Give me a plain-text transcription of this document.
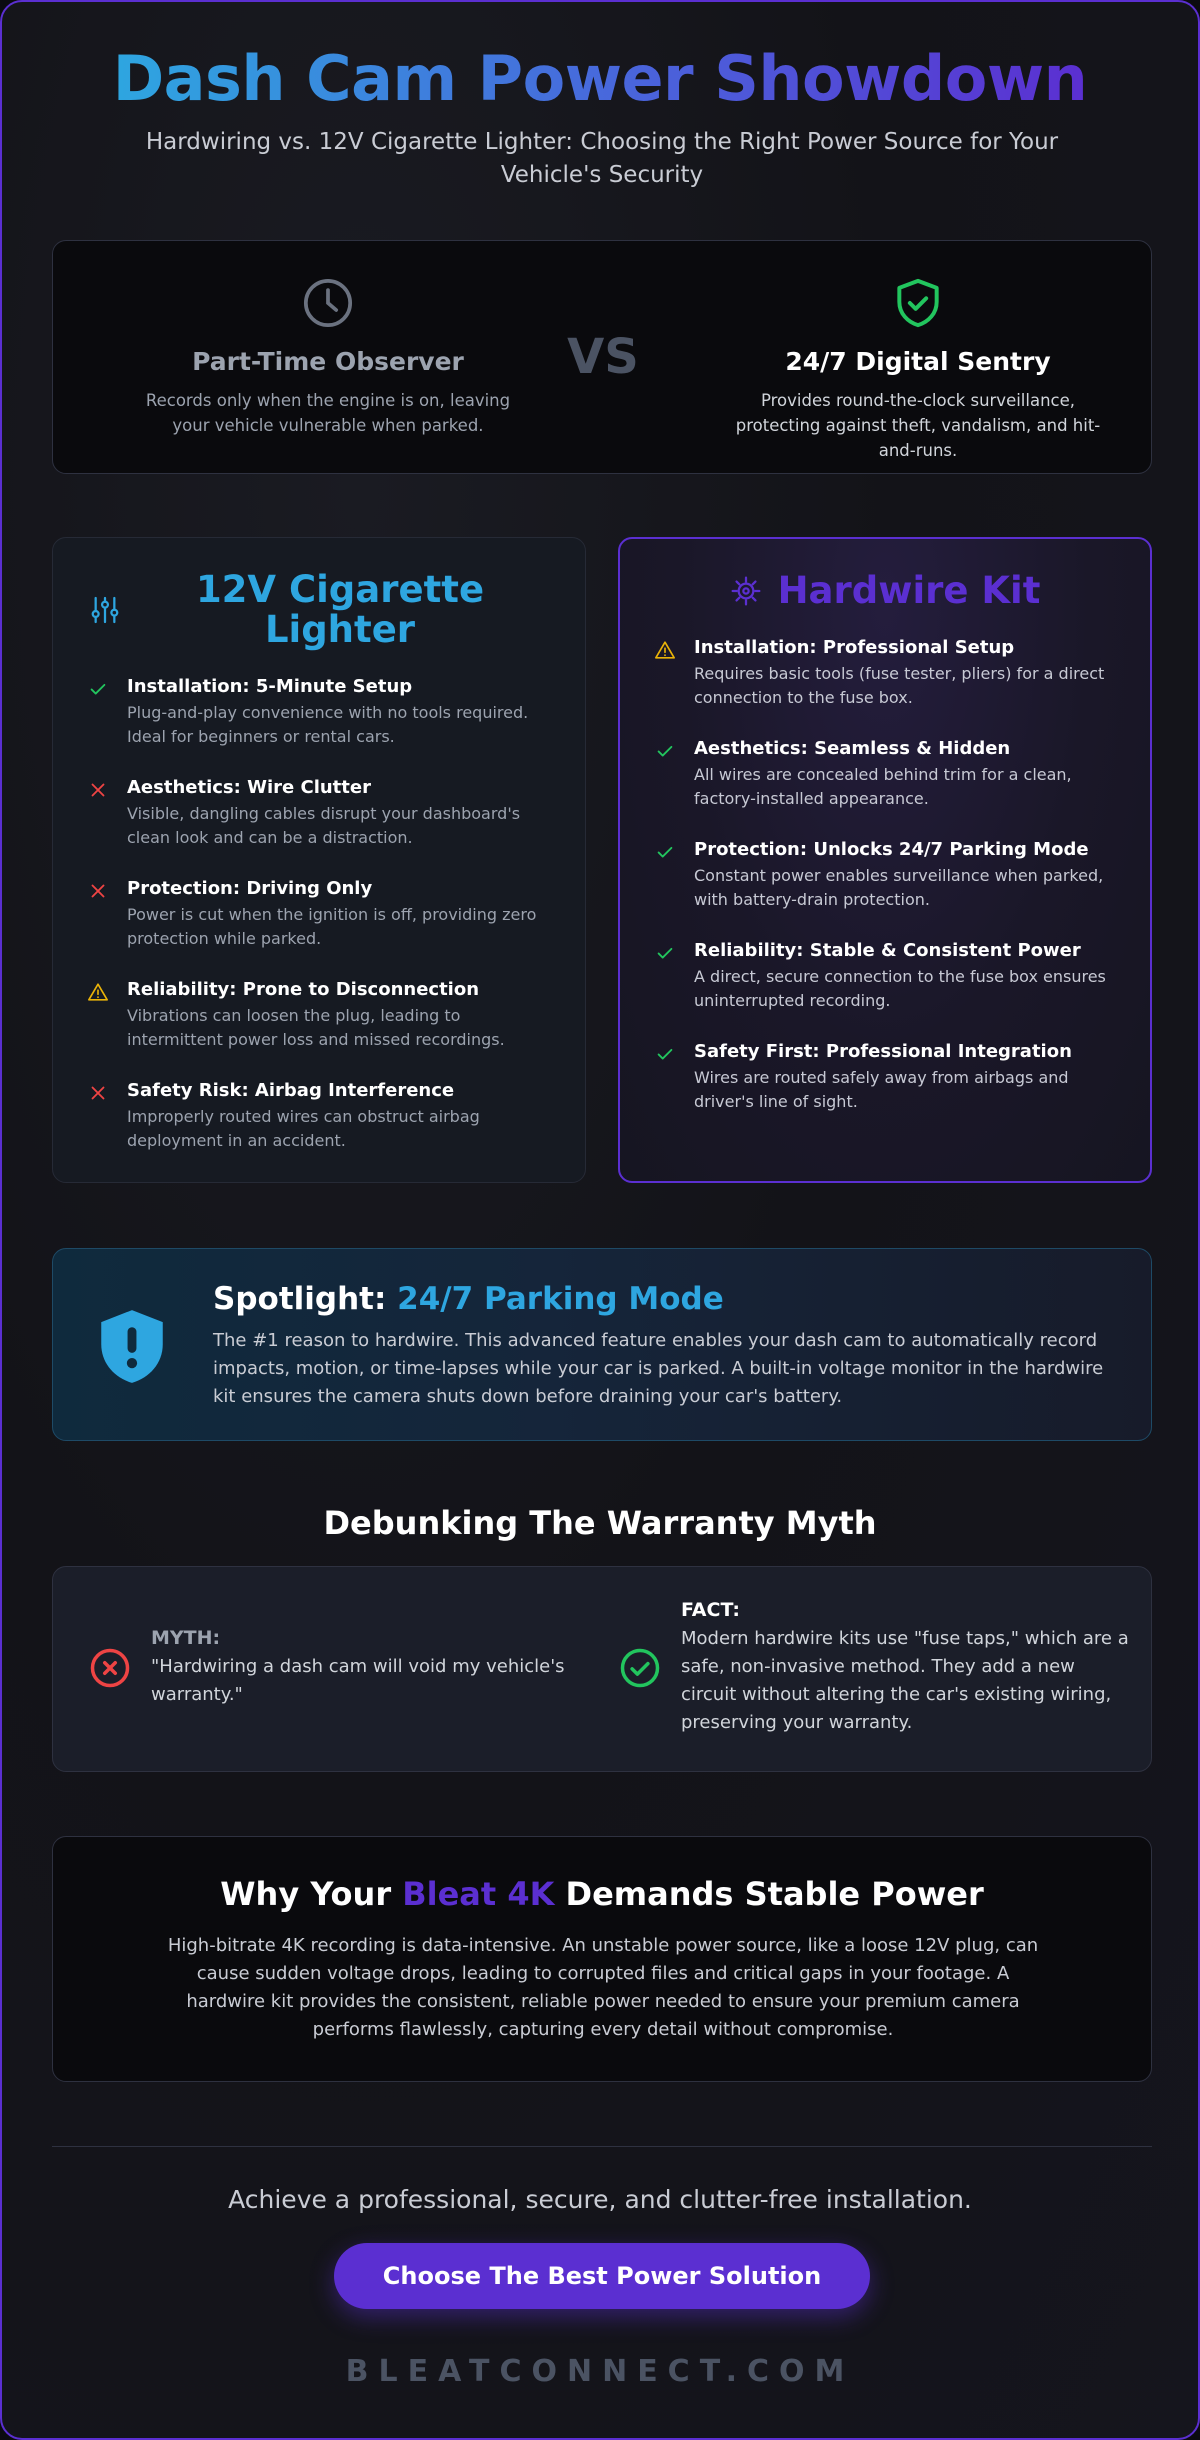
Dash Cam Power Showdown

Hardwiring vs. 12V Cigarette Lighter: Choosing the Right Power Source for Your Vehicle's Security

Part-Time Observer

Records only when the engine is on, leaving your vehicle vulnerable when parked.

VS	24/7 Digital Sentry

Provides round-the-clock surveillance, protecting against theft, vandalism, and hit-and-runs.

12V Cigarette Lighter
Installation: 5-Minute Setup

Plug-and-play convenience with no tools required. Ideal for beginners or rental cars.

Aesthetics: Wire Clutter

Visible, dangling cables disrupt your dashboard's clean look and can be a distraction.

Protection: Driving Only

Power is cut when the ignition is off, providing zero protection while parked.

Reliability: Prone to Disconnection

Vibrations can loosen the plug, leading to intermittent power loss and missed recordings.

Safety Risk: Airbag Interference

Improperly routed wires can obstruct airbag deployment in an accident.

Hardwire Kit
Installation: Professional Setup

Requires basic tools (fuse tester, pliers) for a direct connection to the fuse box.

Aesthetics: Seamless & Hidden

All wires are concealed behind trim for a clean, factory-installed appearance.

Protection: Unlocks 24/7 Parking Mode

Constant power enables surveillance when parked, with battery-drain protection.

Reliability: Stable & Consistent Power

A direct, secure connection to the fuse box ensures uninterrupted recording.

Safety First: Professional Integration

Wires are routed safely away from airbags and driver's line of sight.

Spotlight: 24/7 Parking Mode

The #1 reason to hardwire. This advanced feature enables your dash cam to automatically record impacts, motion, or time-lapses while your car is parked. A built-in voltage monitor in the hardwire kit ensures the camera shuts down before draining your car's battery.

Debunking The Warranty Myth
MYTH:

"Hardwiring a dash cam will void my vehicle's warranty."

FACT:

Modern hardwire kits use "fuse taps," which are a safe, non-invasive method. They add a new circuit without altering the car's existing wiring, preserving your warranty.

Why Your Bleat 4K Demands Stable Power

High-bitrate 4K recording is data-intensive. An unstable power source, like a loose 12V plug, can cause sudden voltage drops, leading to corrupted files and critical gaps in your footage. A hardwire kit provides the consistent, reliable power needed to ensure your premium camera performs flawlessly, capturing every detail without compromise.

Achieve a professional, secure, and clutter-free installation.

Choose The Best Power Solution
BLEATCONNECT.COM
